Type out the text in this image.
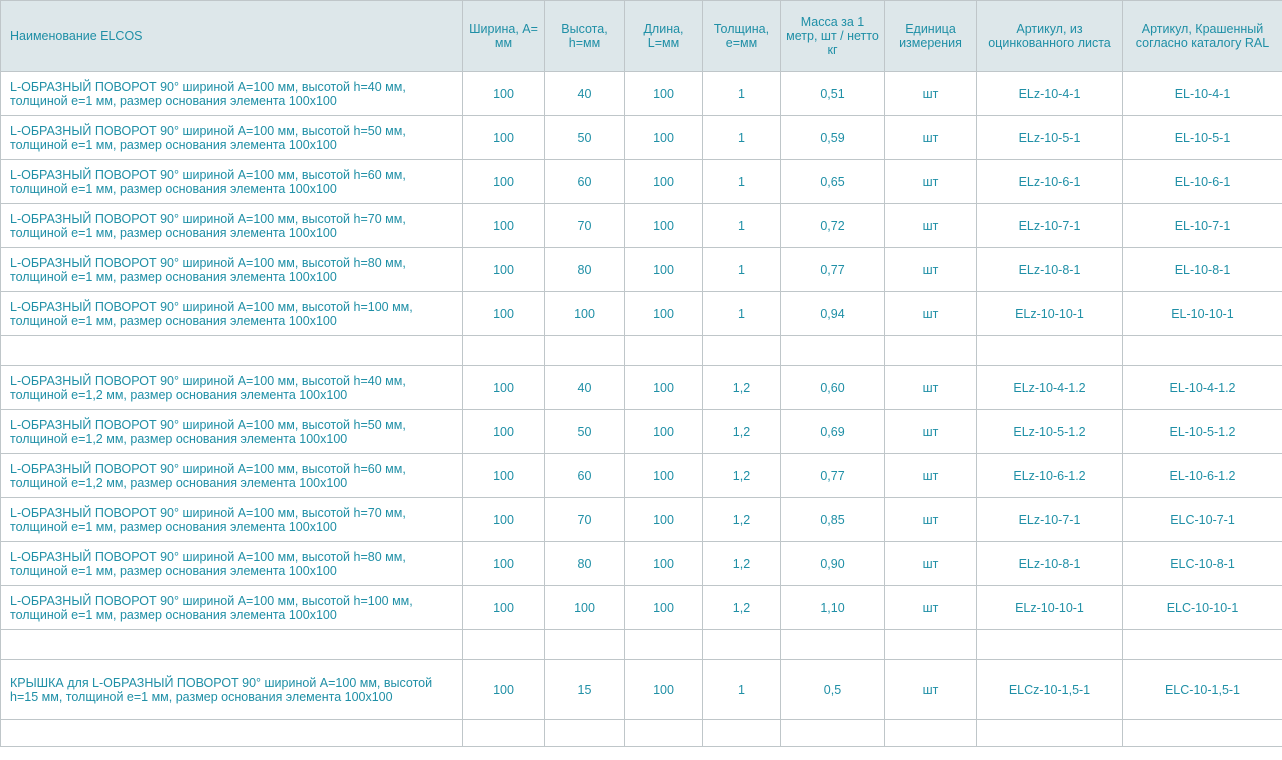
Наименование ELCOS	Ширина, A= мм	Высота, h=мм	Длина, L=мм	Толщина, e=мм	Масса за 1 метр, шт / нетто кг	Единица измерения	Артикул, из оцинкованного листа	Артикул, Крашенный согласно каталогу RAL
L-ОБРАЗНЫЙ ПОВОРОТ 90° шириной A=100 мм, высотой h=40 мм, толщиной e=1 мм, размер основания элемента 100x100	100	40	100	1	0,51	шт	ELz-10-4-1	EL-10-4-1
L-ОБРАЗНЫЙ ПОВОРОТ 90° шириной A=100 мм, высотой h=50 мм, толщиной e=1 мм, размер основания элемента 100x100	100	50	100	1	0,59	шт	ELz-10-5-1	EL-10-5-1
L-ОБРАЗНЫЙ ПОВОРОТ 90° шириной A=100 мм, высотой h=60 мм, толщиной e=1 мм, размер основания элемента 100x100	100	60	100	1	0,65	шт	ELz-10-6-1	EL-10-6-1
L-ОБРАЗНЫЙ ПОВОРОТ 90° шириной A=100 мм, высотой h=70 мм, толщиной e=1 мм, размер основания элемента 100x100	100	70	100	1	0,72	шт	ELz-10-7-1	EL-10-7-1
L-ОБРАЗНЫЙ ПОВОРОТ 90° шириной A=100 мм, высотой h=80 мм, толщиной e=1 мм, размер основания элемента 100x100	100	80	100	1	0,77	шт	ELz-10-8-1	EL-10-8-1
L-ОБРАЗНЫЙ ПОВОРОТ 90° шириной A=100 мм, высотой h=100 мм, толщиной e=1 мм, размер основания элемента 100x100	100	100	100	1	0,94	шт	ELz-10-10-1	EL-10-10-1

L-ОБРАЗНЫЙ ПОВОРОТ 90° шириной A=100 мм, высотой h=40 мм, толщиной e=1,2 мм, размер основания элемента 100x100	100	40	100	1,2	0,60	шт	ELz-10-4-1.2	EL-10-4-1.2
L-ОБРАЗНЫЙ ПОВОРОТ 90° шириной A=100 мм, высотой h=50 мм, толщиной e=1,2 мм, размер основания элемента 100x100	100	50	100	1,2	0,69	шт	ELz-10-5-1.2	EL-10-5-1.2
L-ОБРАЗНЫЙ ПОВОРОТ 90° шириной A=100 мм, высотой h=60 мм, толщиной e=1,2 мм, размер основания элемента 100x100	100	60	100	1,2	0,77	шт	ELz-10-6-1.2	EL-10-6-1.2
L-ОБРАЗНЫЙ ПОВОРОТ 90° шириной A=100 мм, высотой h=70 мм, толщиной e=1 мм, размер основания элемента 100x100	100	70	100	1,2	0,85	шт	ELz-10-7-1	ELC-10-7-1
L-ОБРАЗНЫЙ ПОВОРОТ 90° шириной A=100 мм, высотой h=80 мм, толщиной e=1 мм, размер основания элемента 100x100	100	80	100	1,2	0,90	шт	ELz-10-8-1	ELC-10-8-1
L-ОБРАЗНЫЙ ПОВОРОТ 90° шириной A=100 мм, высотой h=100 мм, толщиной e=1 мм, размер основания элемента 100x100	100	100	100	1,2	1,10	шт	ELz-10-10-1	ELC-10-10-1

КРЫШКА для L-ОБРАЗНЫЙ ПОВОРОТ 90° шириной A=100 мм, высотой h=15 мм, толщиной e=1 мм, размер основания элемента 100x100	100	15	100	1	0,5	шт	ELCz-10-1,5-1	ELC-10-1,5-1
